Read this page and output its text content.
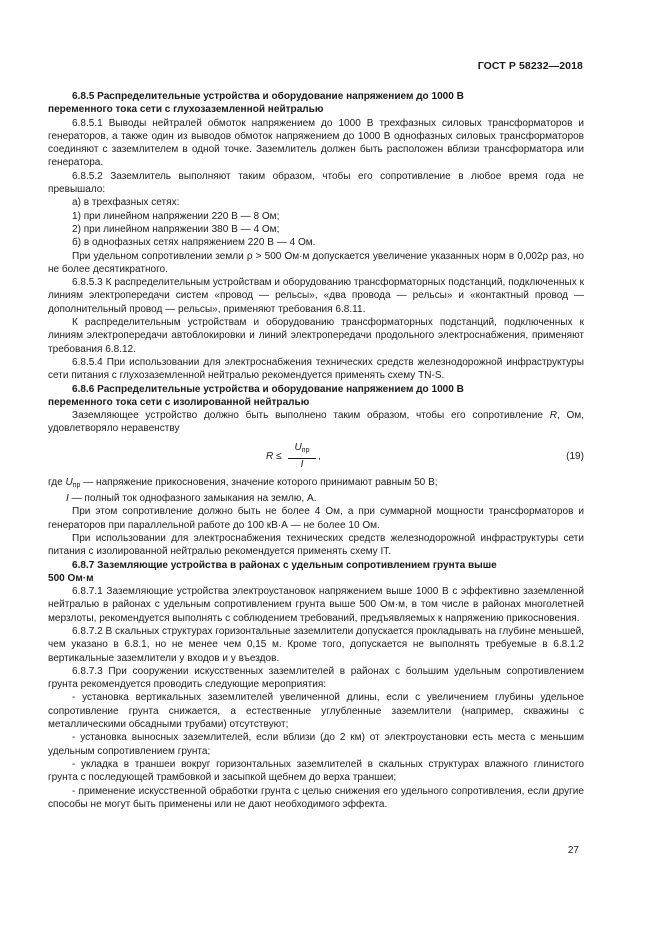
ГОСТ Р 58232—2018

6.8.5 Распределительные устройства и оборудование напряжением до 1000 В

переменного тока сети с глухозаземленной нейтралью

6.8.5.1 Выводы нейтралей обмоток напряжением до 1000 В трехфазных силовых трансформаторов и генераторов, а также один из выводов обмоток напряжением до 1000 В однофазных силовых трансформаторов соединяют с заземлителем в одной точке. Заземлитель должен быть расположен вблизи трансформатора или генератора.

6.8.5.2 Заземлитель выполняют таким образом, чтобы его сопротивление в любое время года не превышало:

а) в трехфазных сетях:

1) при линейном напряжении 220 В — 8 Ом;

2) при линейном напряжении 380 В — 4 Ом;

б) в однофазных сетях напряжением 220 В — 4 Ом.

При удельном сопротивлении земли ρ > 500 Ом·м допускается увеличение указанных норм в 0,002ρ раз, но не более десятикратного.

6.8.5.3 К распределительным устройствам и оборудованию трансформаторных подстанций, подключенных к линиям электропередачи систем «провод — рельсы», «два провода — рельсы» и «контактный провод — дополнительный провод — рельсы», применяют требования 6.8.11.

К распределительным устройствам и оборудованию трансформаторных подстанций, подключенных к линиям электропередачи автоблокировки и линий электропередачи продольного электроснабжения, применяют требования 6.8.12.

6.8.5.4 При использовании для электроснабжения технических средств железнодорожной инфраструктуры сети питания с глухозаземленной нейтралью рекомендуется применять схему TN-S.

6.8.6 Распределительные устройства и оборудование напряжением до 1000 В

переменного тока сети с изолированной нейтралью

Заземляющее устройство должно быть выполнено таким образом, чтобы его сопротивление R, Ом, удовлетворяло неравенству

R ≤
$U_{пр}$
I
,	(19)

где $U_{пр}$ — напряжение прикосновения, значение которого принимают равным 50 В;

I — полный ток однофазного замыкания на землю, А.

При этом сопротивление должно быть не более 4 Ом, а при суммарной мощности трансформаторов и генераторов при параллельной работе до 100 кВ·А — не более 10 Ом.

При использовании для электроснабжения технических средств железнодорожной инфраструктуры сети питания с изолированной нейтралью рекомендуется применять схему IT.

6.8.7 Заземляющие устройства в районах с удельным сопротивлением грунта выше

500 Ом·м

6.8.7.1 Заземляющие устройства электроустановок напряжением выше 1000 В с эффективно заземленной нейтралью в районах с удельным сопротивлением грунта выше 500 Ом·м, в том числе в районах многолетней мерзлоты, рекомендуется выполнять с соблюдением требований, предъявляемых к напряжению прикосновения.

6.8.7.2 В скальных структурах горизонтальные заземлители допускается прокладывать на глубине меньшей, чем указано в 6.8.1, но не менее чем 0,15 м. Кроме того, допускается не выполнять требуемые в 6.8.1.2 вертикальные заземлители у входов и у въездов.

6.8.7.3 При сооружении искусственных заземлителей в районах с большим удельным сопротивлением грунта рекомендуется проводить следующие мероприятия:

- установка вертикальных заземлителей увеличенной длины, если с увеличением глубины удельное сопротивление грунта снижается, а естественные углубленные заземлители (например, скважины с металлическими обсадными трубами) отсутствуют;

- установка выносных заземлителей, если вблизи (до 2 км) от электроустановки есть места с меньшим удельным сопротивлением грунта;

- укладка в траншеи вокруг горизонтальных заземлителей в скальных структурах влажного глинистого грунта с последующей трамбовкой и засыпкой щебнем до верха траншеи;

- применение искусственной обработки грунта с целью снижения его удельного сопротивления, если другие способы не могут быть применены или не дают необходимого эффекта.

27
